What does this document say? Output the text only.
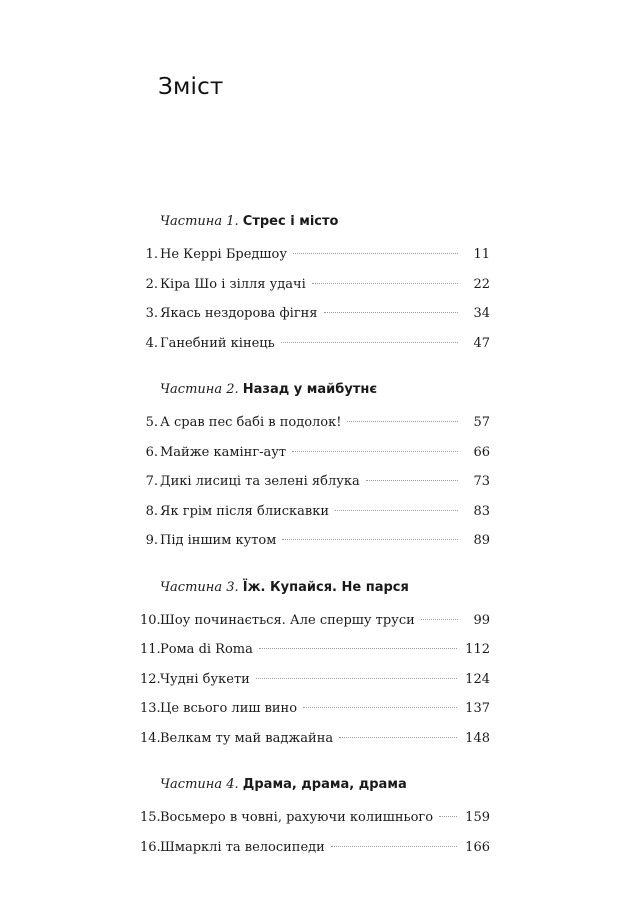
Зміст
Частина 1. Стрес і місто
1. Не Керрі Бредшоу	11
2. Кіра Шо і зілля удачі	22
3. Якась нездорова фігня	34
4. Ганебний кінець	47
Частина 2. Назад у майбутнє
5. А срав пес бабі в подолок!	57
6. Майже камінг-аут	66
7. Дикі лисиці та зелені яблука	73
8. Як грім після блискавки	83
9. Під іншим кутом	89
Частина 3. Їж. Купайся. Не парся
10. Шоу починається. Але спершу труси	99
11. Рома di Roma	112
12. Чудні букети	124
13. Це всього лиш вино	137
14. Велкам ту май ваджайна	148
Частина 4. Драма, драма, драма
15. Восьмеро в човні, рахуючи колишнього 159
16. Шмарклі та велосипеди	166
